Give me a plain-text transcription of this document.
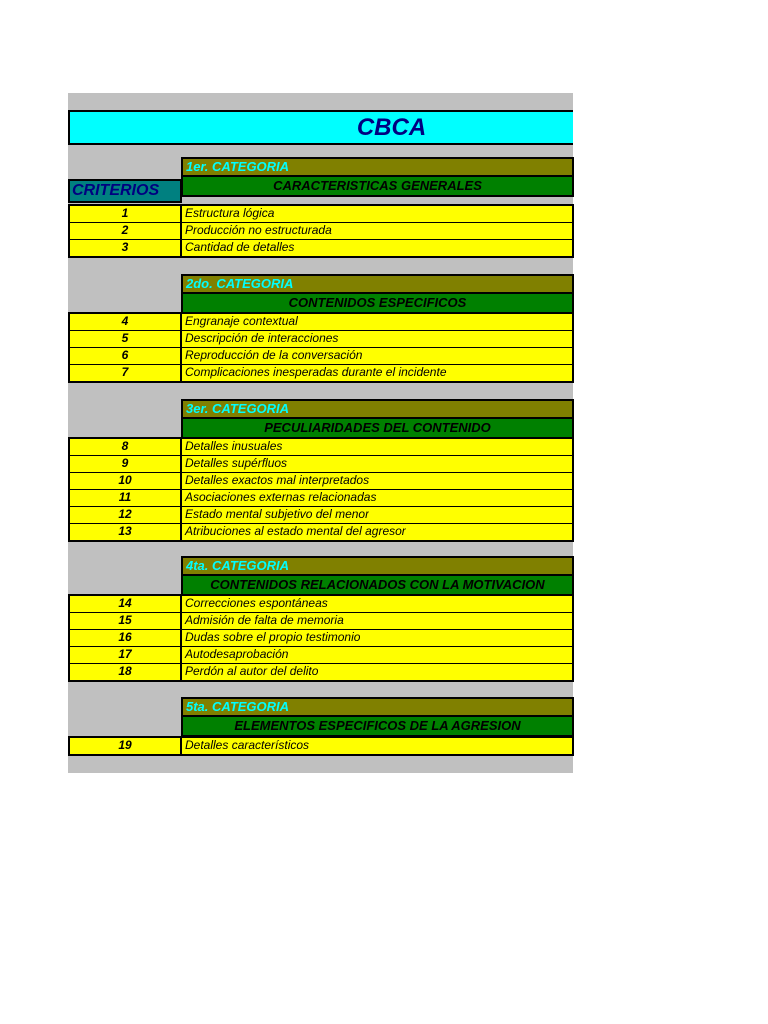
CBCA
CRITERIOS
1er. CATEGORIA
CARACTERISTICAS GENERALES
1	Estructura lógica
2	Producción no estructurada
3	Cantidad de detalles
2do. CATEGORIA
CONTENIDOS ESPECIFICOS
4	Engranaje contextual
5	Descripción de interacciones
6	Reproducción de la conversación
7	Complicaciones inesperadas durante el incidente
3er. CATEGORIA
PECULIARIDADES DEL CONTENIDO
8	Detalles inusuales
9	Detalles supérfluos
10	Detalles exactos mal interpretados
11	Asociaciones externas relacionadas
12	Estado mental subjetivo del menor
13	Atribuciones al estado mental del agresor
4ta. CATEGORIA
CONTENIDOS RELACIONADOS CON LA MOTIVACION
14	Correcciones espontáneas
15	Admisión de falta de memoria
16	Dudas sobre el propio testimonio
17	Autodesaprobación
18	Perdón al autor del delito
5ta. CATEGORIA
ELEMENTOS ESPECIFICOS DE LA AGRESION
19	Detalles característicos
